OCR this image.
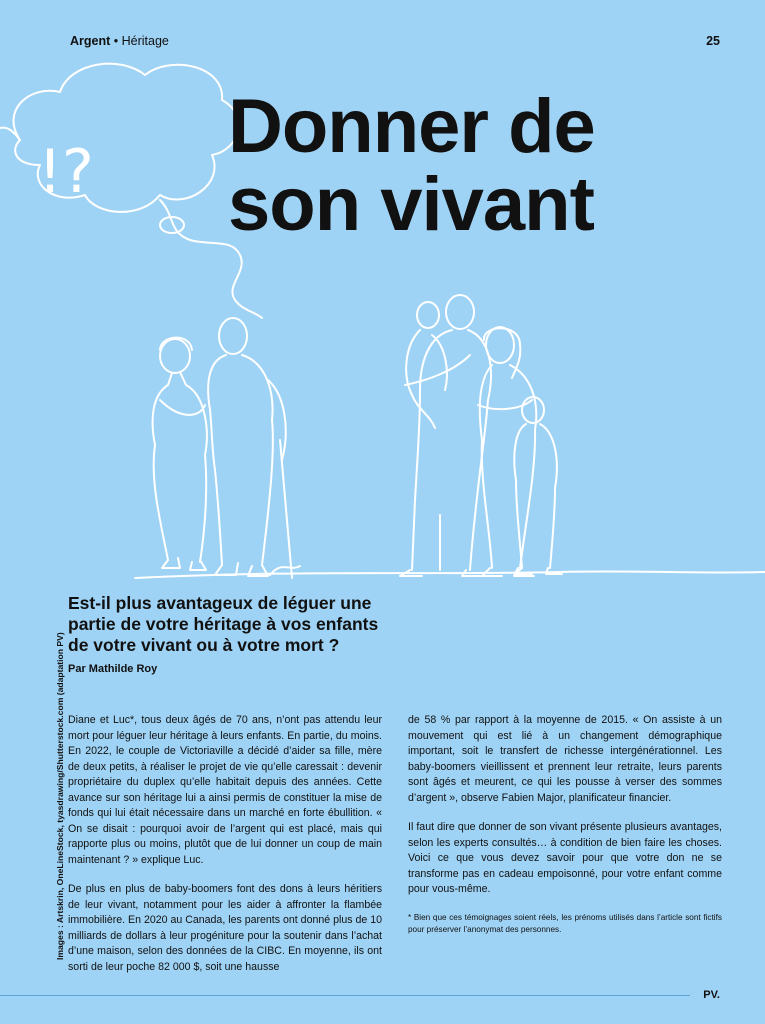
Argent • Héritage	25
!?
Donner de
son vivant
Est-il plus avantageux de léguer une partie de votre héritage à vos enfants de votre vivant ou à votre mort ?
Par Mathilde Roy
Images : Artskrin, OneLineStock, tyasdrawing/Shutterstock.com (adaptation PV) Diane et Luc*, tous deux âgés de 70 ans, n’ont pas attendu leur mort pour léguer leur héritage à leurs enfants. En partie, du moins. En 2022, le couple de Victoriaville a décidé d’aider sa fille, mère de deux petits, à réaliser le projet de vie qu’elle caressait : devenir propriétaire du duplex qu’elle habitait depuis des années. Cette avance sur son héritage lui a ainsi permis de constituer la mise de fonds qui lui était nécessaire dans un marché en forte ébullition. « On se disait : pourquoi avoir de l’argent qui est placé, mais qui rapporte plus ou moins, plutôt que de lui donner un coup de main maintenant ? » explique Luc.

De plus en plus de baby-boomers font des dons à leurs héritiers de leur vivant, notamment pour les aider à affronter la flambée immobilière. En 2020 au Canada, les parents ont donné plus de 10 milliards de dollars à leur progéniture pour la soutenir dans l’achat d’une maison, selon des données de la CIBC. En moyenne, ils ont sorti de leur poche 82 000 $, soit une hausse

de 58 % par rapport à la moyenne de 2015. « On assiste à un mouvement qui est lié à un changement démographique important, soit le transfert de richesse intergénérationnel. Les baby-boomers vieillissent et prennent leur retraite, leurs parents sont âgés et meurent, ce qui les pousse à verser des sommes d’argent », observe Fabien Major, planificateur financier.

Il faut dire que donner de son vivant présente plusieurs avantages, selon les experts consultés… à condition de bien faire les choses. Voici ce que vous devez savoir pour que votre don ne se transforme pas en cadeau empoisonné, pour votre enfant comme pour vous-même.

* Bien que ces témoignages soient réels, les prénoms utilisés dans l’article sont fictifs pour préserver l’anonymat des personnes.

PV.
